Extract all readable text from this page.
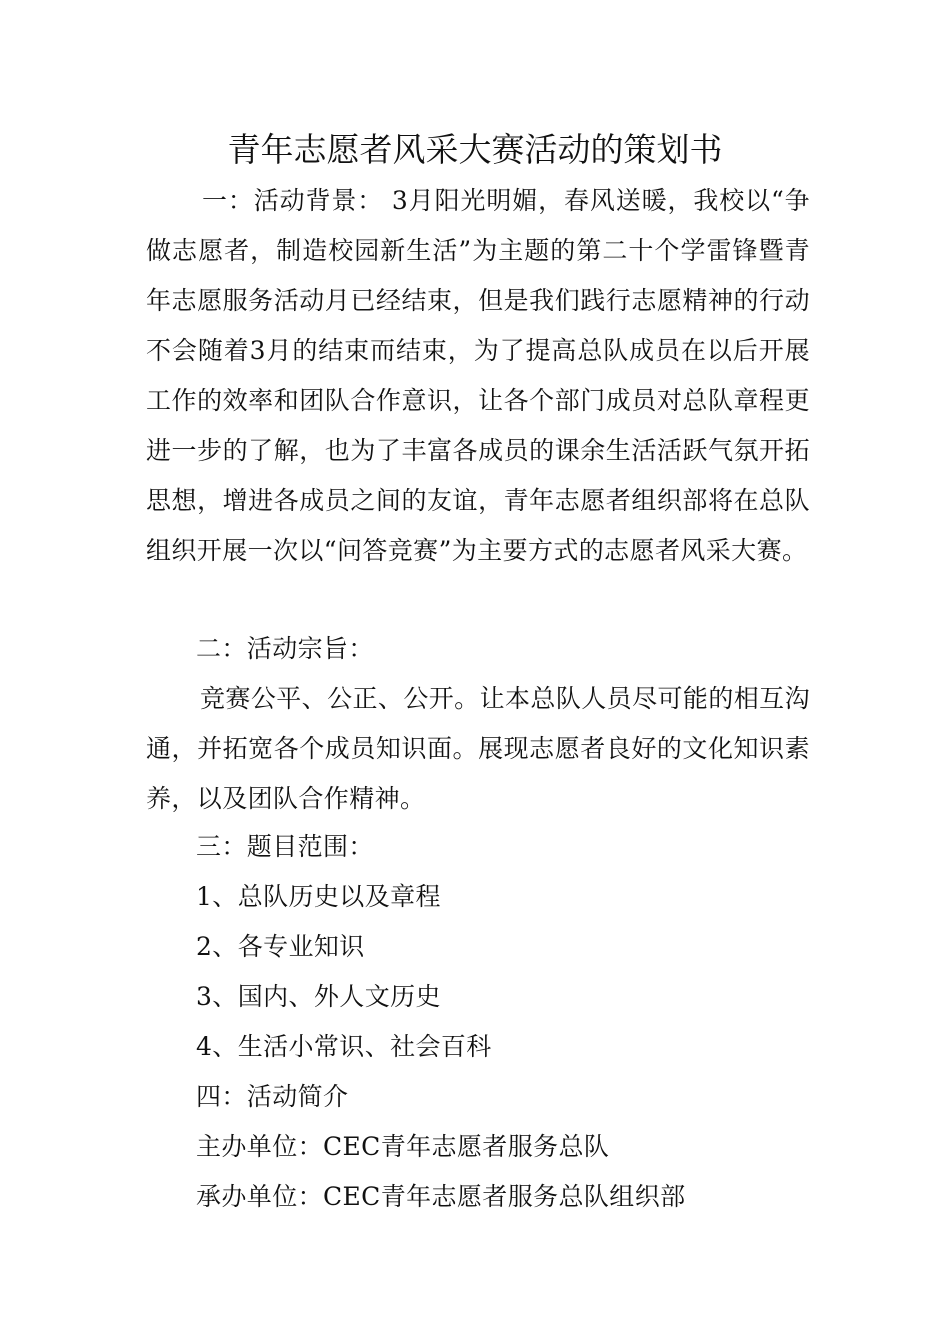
青年志愿者风采大赛活动的策划书

一：活动背景： 3月阳光明媚，春风送暖，我校以“争做志愿者，制造校园新生活”为主题的第二十个学雷锋暨青年志愿服务活动月已经结束，但是我们践行志愿精神的行动不会随着3月的结束而结束，为了提高总队成员在以后开展工作的效率和团队合作意识，让各个部门成员对总队章程更进一步的了解，也为了丰富各成员的课余生活活跃气氛开拓思想，增进各成员之间的友谊，青年志愿者组织部将在总队组织开展一次以“问答竞赛”为主要方式的志愿者风采大赛。

二：活动宗旨：

竞赛公平、公正、公开。让本总队人员尽可能的相互沟通，并拓宽各个成员知识面。展现志愿者良好的文化知识素养，以及团队合作精神。

三：题目范围：

1、总队历史以及章程

2、各专业知识

3、国内、外人文历史

4、生活小常识、社会百科

四：活动简介

主办单位：CEC青年志愿者服务总队

承办单位：CEC青年志愿者服务总队组织部
